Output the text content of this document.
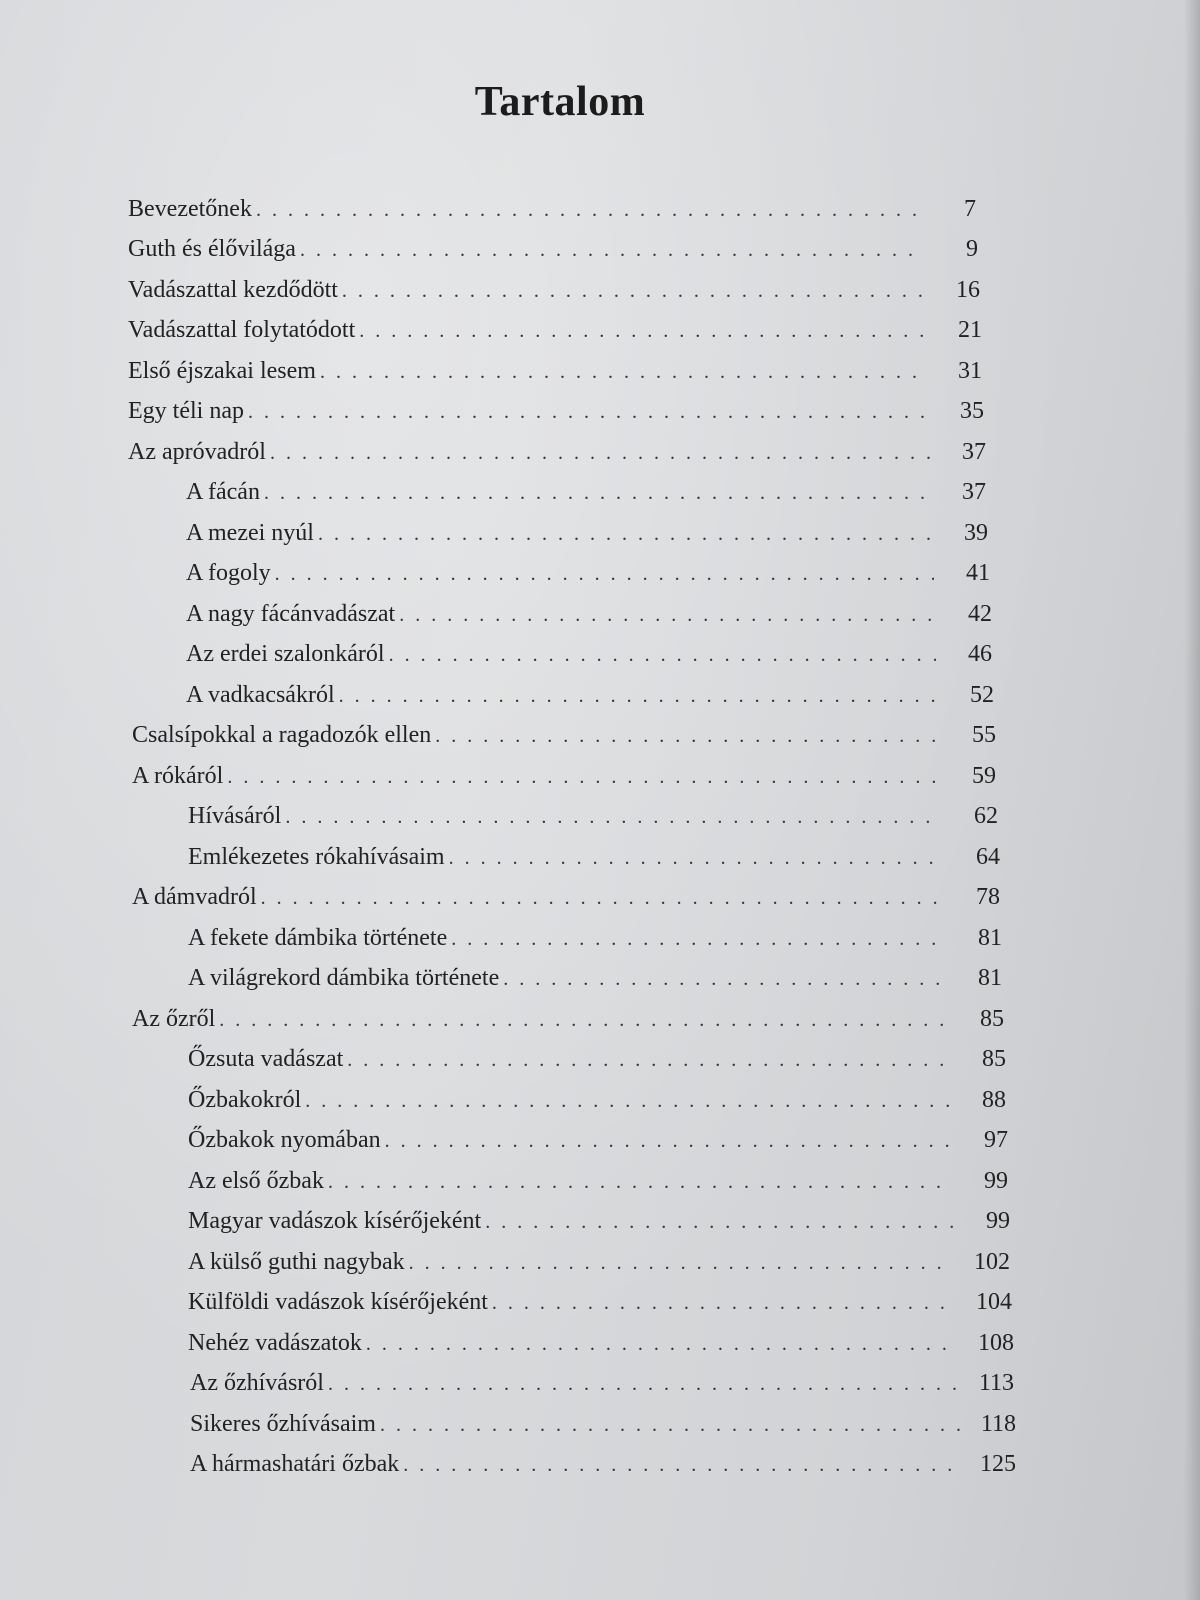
Tartalom
Bevezetőnek . . .	7
Guth és élővilága . . .	9
Vadászattal kezdődött . . .	16
Vadászattal folytatódott . . .	21
Első éjszakai lesem . . .	31
Egy téli nap . . .	35
Az apróvadról . . .	37
A fácán . . .	37
A mezei nyúl . . .	39
A fogoly . . .	41
A nagy fácánvadászat . . .	42
Az erdei szalonkáról . . .	46
A vadkacsákról . . .	52
Csalsípokkal a ragadozók ellen . . .	55
A rókáról . . .	59
Hívásáról . . .	62
Emlékezetes rókahívásaim . . .	64
A dámvadról . . .	78
A fekete dámbika története . . .	81
A világrekord dámbika története . . .	81
Az őzről . . .	85
Őzsuta vadászat . . .	85
Őzbakokról . . .	88
Őzbakok nyomában . . .	97
Az első őzbak . . .	99
Magyar vadászok kísérőjeként . . .	99
A külső guthi nagybak . . .	102
Külföldi vadászok kísérőjeként . . .	104
Nehéz vadászatok . . .	108
Az őzhívásról . . .	113
Sikeres őzhívásaim . . .	118
A hármashatári őzbak . . .	125
